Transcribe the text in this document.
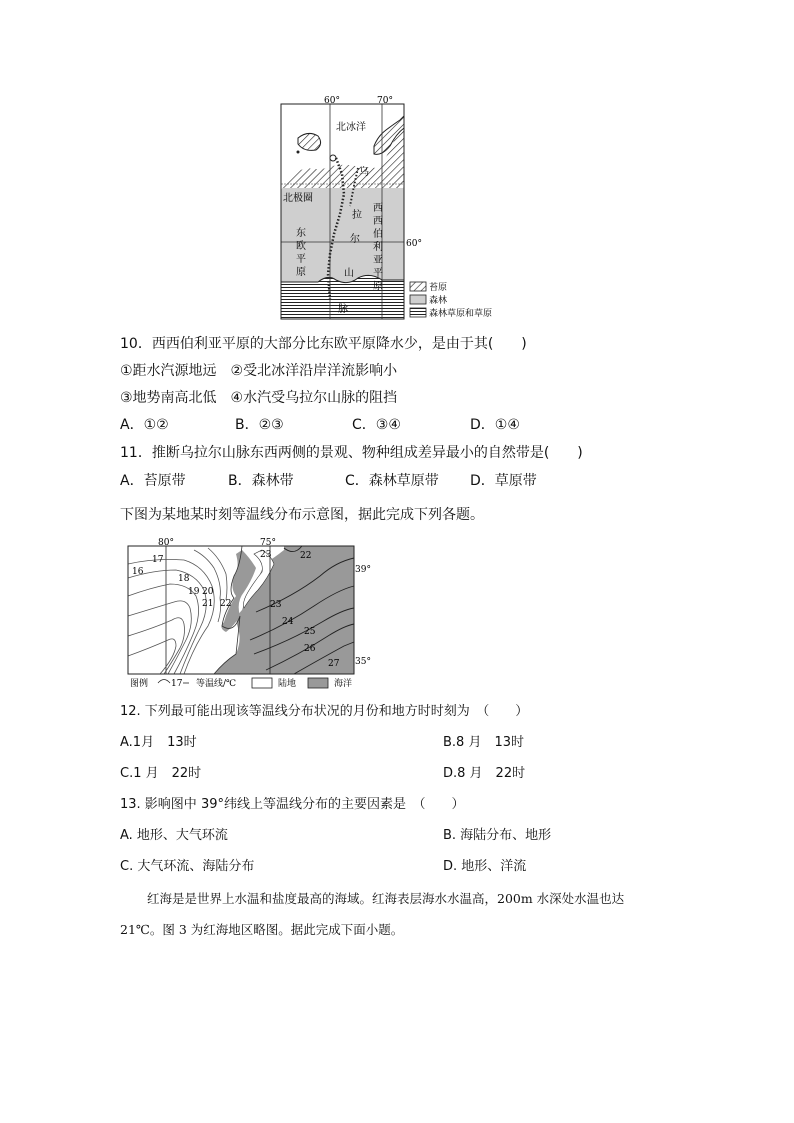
60°	70°
60°
北冰洋
北极圈
乌
拉
尔
山
脉
东
欧
平
原
西
西
伯
利
亚
平
原	苔原
森林
森林草原和草原
10．西西伯利亚平原的大部分比东欧平原降水少，是由于其(　　)
①距水汽源地远　②受北冰洋沿岸洋流影响小
③地势南高北低　④水汽受乌拉尔山脉的阻挡
A．①②	B．②③	C．③④	D．①④
11．推断乌拉尔山脉东西两侧的景观、物种组成差异最小的自然带是(　　)
A．苔原带	B．森林带	C．森林草原带 D．草原带
下图为某地某时刻等温线分布示意图，据此完成下列各题。
80°	75°
39°
35°
16
17
18
19 20
21 22
23	22
23
24
25
26
27
图例	17 等温线/℃	陆地	海洋
12. 下列最可能出现该等温线分布状况的月份和地方时时刻为　（　　）
A.1月　13时	B.8 月　13时
C.1 月　22时	D.8 月　22时
13. 影响图中 39°纬线上等温线分布的主要因素是　（　　）
A. 地形、大气环流	B. 海陆分布、地形
C. 大气环流、海陆分布	D. 地形、洋流
红海是是世界上水温和盐度最高的海域。红海表层海水水温高，200m 水深处水温也达
21℃。图 3 为红海地区略图。据此完成下面小题。
